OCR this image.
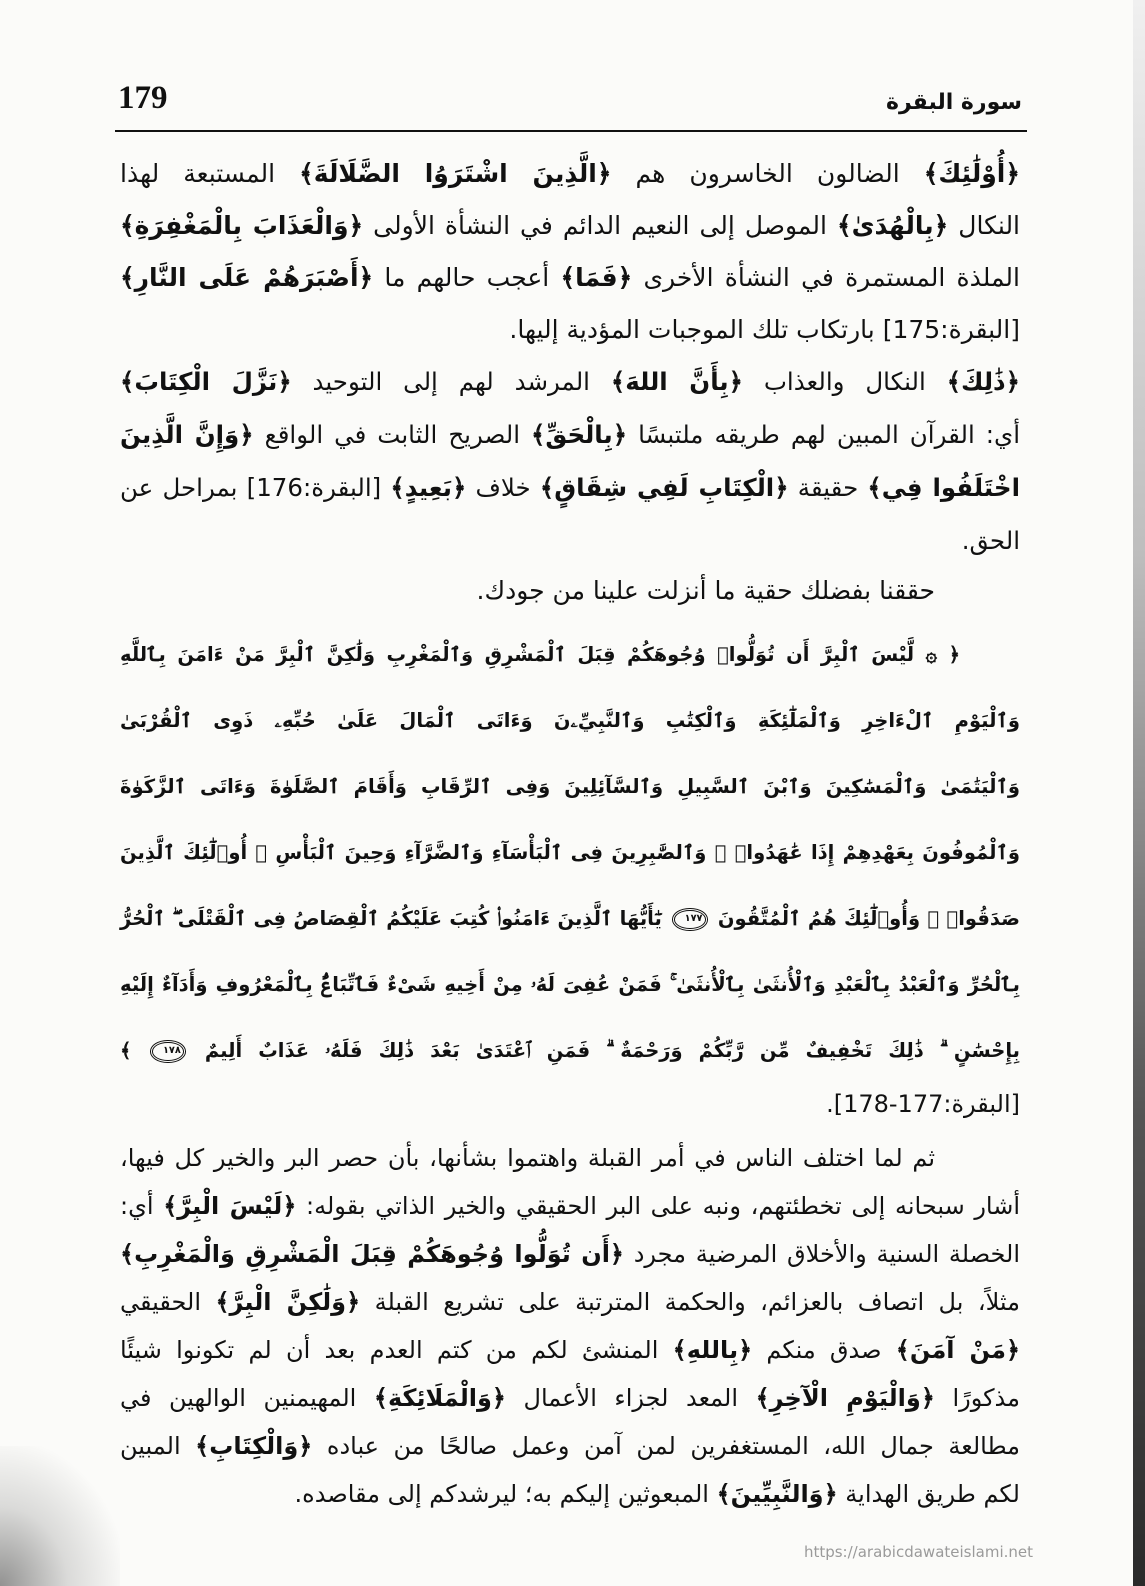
179	سورة البقرة
﴿أُوْلَٰئِكَ﴾ الضالون الخاسرون هم ﴿الَّذِينَ اشْتَرَوُا الضَّلَالَةَ﴾ المستبعة لهذا
النكال ﴿بِالْهُدَىٰ﴾ الموصل إلى النعيم الدائم في النشأة الأولى ﴿وَالْعَذَابَ بِالْمَغْفِرَةِ﴾
الملذة المستمرة في النشأة الأخرى ﴿فَمَا﴾ أعجب حالهم ما ﴿أَصْبَرَهُمْ عَلَى النَّارِ﴾
[البقرة:175] بارتكاب تلك الموجبات المؤدية إليها.
﴿ذَٰلِكَ﴾ النكال والعذاب ﴿بِأَنَّ اللهَ﴾ المرشد لهم إلى التوحيد ﴿نَزَّلَ الْكِتَابَ﴾
أي: القرآن المبين لهم طريقه ملتبسًا ﴿بِالْحَقِّ﴾ الصريح الثابت في الواقع ﴿وَإِنَّ الَّذِينَ
اخْتَلَفُوا فِي﴾ حقيقة ﴿الْكِتَابِ لَفِي شِقَاقٍ﴾ خلاف ﴿بَعِيدٍ﴾ [البقرة:176] بمراحل عن
الحق.
حققنا بفضلك حقية ما أنزلت علينا من جودك.
﴿ ۞ لَّيْسَ ٱلْبِرَّ أَن تُوَلُّوا۟ وُجُوهَكُمْ قِبَلَ ٱلْمَشْرِقِ وَٱلْمَغْرِبِ وَلَٰكِنَّ ٱلْبِرَّ مَنْ ءَامَنَ بِٱللَّهِ
وَٱلْيَوْمِ ٱلْءَاخِرِ وَٱلْمَلَٰٓئِكَةِ وَٱلْكِتَٰبِ وَٱلنَّبِيِّۦنَ وَءَاتَى ٱلْمَالَ عَلَىٰ حُبِّهِۦ ذَوِى ٱلْقُرْبَىٰ
وَٱلْيَتَٰمَىٰ وَٱلْمَسَٰكِينَ وَٱبْنَ ٱلسَّبِيلِ وَٱلسَّآئِلِينَ وَفِى ٱلرِّقَابِ وَأَقَامَ ٱلصَّلَوٰةَ وَءَاتَى ٱلزَّكَوٰةَ
وَٱلْمُوفُونَ بِعَهْدِهِمْ إِذَا عَٰهَدُوا۟ ۖ وَٱلصَّٰبِرِينَ فِى ٱلْبَأْسَآءِ وَٱلضَّرَّآءِ وَحِينَ ٱلْبَأْسِ ۗ أُو۟لَٰٓئِكَ ٱلَّذِينَ
صَدَقُوا۟ ۖ وَأُو۟لَٰٓئِكَ هُمُ ٱلْمُتَّقُونَ ١٧٧ يَٰٓأَيُّهَا ٱلَّذِينَ ءَامَنُوا۟ كُتِبَ عَلَيْكُمُ ٱلْقِصَاصُ فِى ٱلْقَتْلَى ۖ ٱلْحُرُّ
بِٱلْحُرِّ وَٱلْعَبْدُ بِٱلْعَبْدِ وَٱلْأُنثَىٰ بِٱلْأُنثَىٰ ۚ فَمَنْ عُفِىَ لَهُۥ مِنْ أَخِيهِ شَىْءٌ فَٱتِّبَاعٌۢ بِٱلْمَعْرُوفِ وَأَدَآءٌ إِلَيْهِ
بِإِحْسَٰنٍ ۗ ذَٰلِكَ تَخْفِيفٌ مِّن رَّبِّكُمْ وَرَحْمَةٌ ۗ فَمَنِ ٱعْتَدَىٰ بَعْدَ ذَٰلِكَ فَلَهُۥ عَذَابٌ أَلِيمٌ ١٧٨ ﴾
[البقرة:177-178].
ثم لما اختلف الناس في أمر القبلة واهتموا بشأنها، بأن حصر البر والخير كل فيها،
أشار سبحانه إلى تخطئتهم، ونبه على البر الحقيقي والخير الذاتي بقوله: ﴿لَيْسَ الْبِرَّ﴾ أي:
الخصلة السنية والأخلاق المرضية مجرد ﴿أَن تُوَلُّوا وُجُوهَكُمْ قِبَلَ الْمَشْرِقِ وَالْمَغْرِبِ﴾
مثلاً، بل اتصاف بالعزائم، والحكمة المترتبة على تشريع القبلة ﴿وَلَٰكِنَّ الْبِرَّ﴾ الحقيقي
﴿مَنْ آمَنَ﴾ صدق منكم ﴿بِاللهِ﴾ المنشئ لكم من كتم العدم بعد أن لم تكونوا شيئًا
مذكورًا ﴿وَالْيَوْمِ الْآخِرِ﴾ المعد لجزاء الأعمال ﴿وَالْمَلَائِكَةِ﴾ المهيمنين الوالهين في
مطالعة جمال الله، المستغفرين لمن آمن وعمل صالحًا من عباده ﴿وَالْكِتَابِ﴾ المبين
لكم طريق الهداية ﴿وَالنَّبِيِّينَ﴾ المبعوثين إليكم به؛ ليرشدكم إلى مقاصده.
https://arabicdawateislami.net
